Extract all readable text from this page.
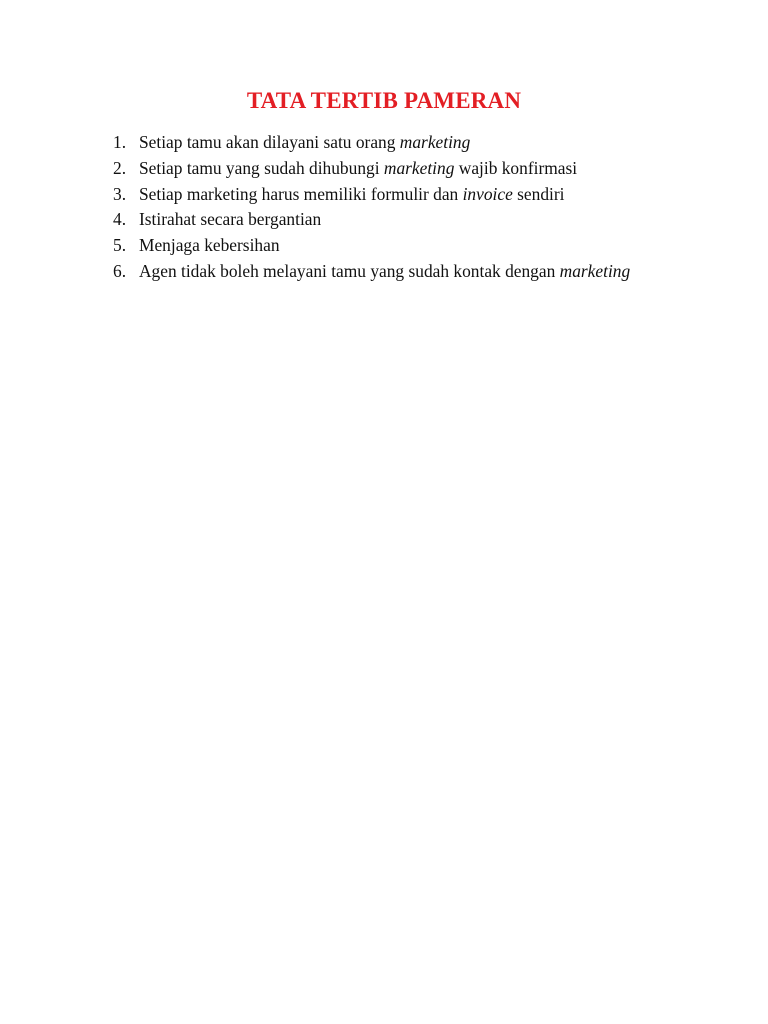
TATA TERTIB PAMERAN
1. Setiap tamu akan dilayani satu orang marketing
2. Setiap tamu yang sudah dihubungi marketing wajib konfirmasi
3. Setiap marketing harus memiliki formulir dan invoice sendiri
4. Istirahat secara bergantian
5. Menjaga kebersihan
6. Agen tidak boleh melayani tamu yang sudah kontak dengan marketing
